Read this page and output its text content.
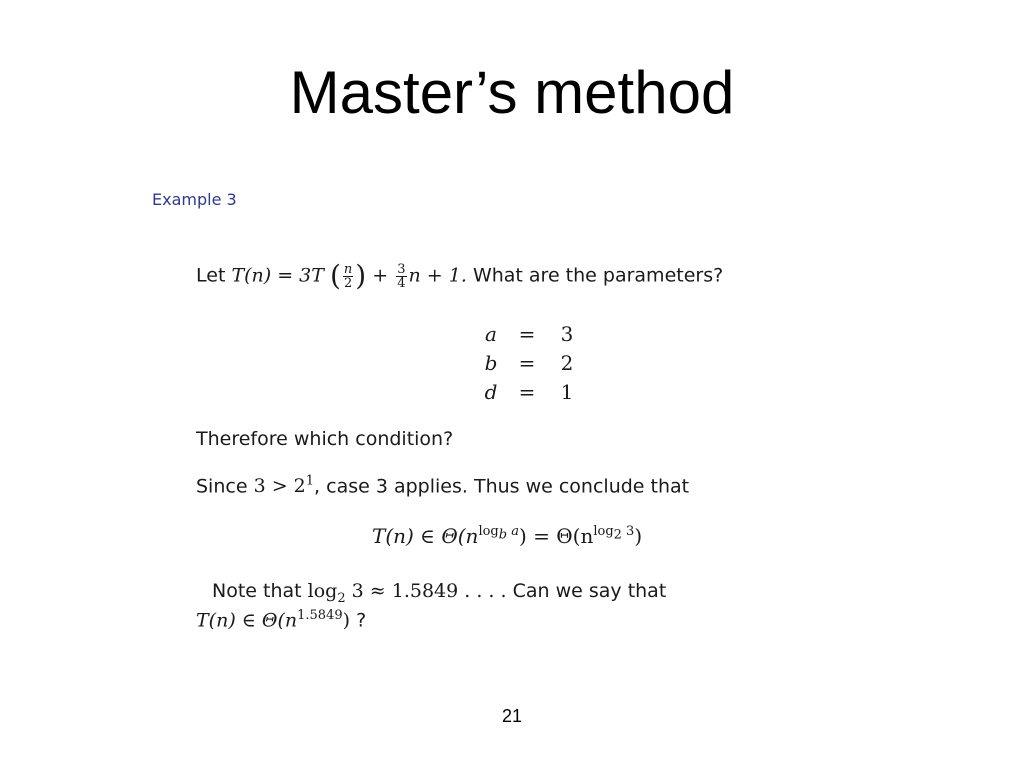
Master’s method
Example 3
Let T(n) = 3T ( $\frac{n}{2}$ ) + $\frac{3}{4}$ n + 1. What are the parameters?
a	=	3
b	=	2
d	=	1
Therefore which condition?
Since $3 > 2^1$, case 3 applies. Thus we conclude that
T(n) ∈ $\Theta(n^{log_b a}) = \Theta(n^{log_2 3})$
Note that $\log_2 3 \approx 1.5849$ . . . . Can we say that
T(n) ∈ $\Theta(n^{1.5849})$ ?
21
